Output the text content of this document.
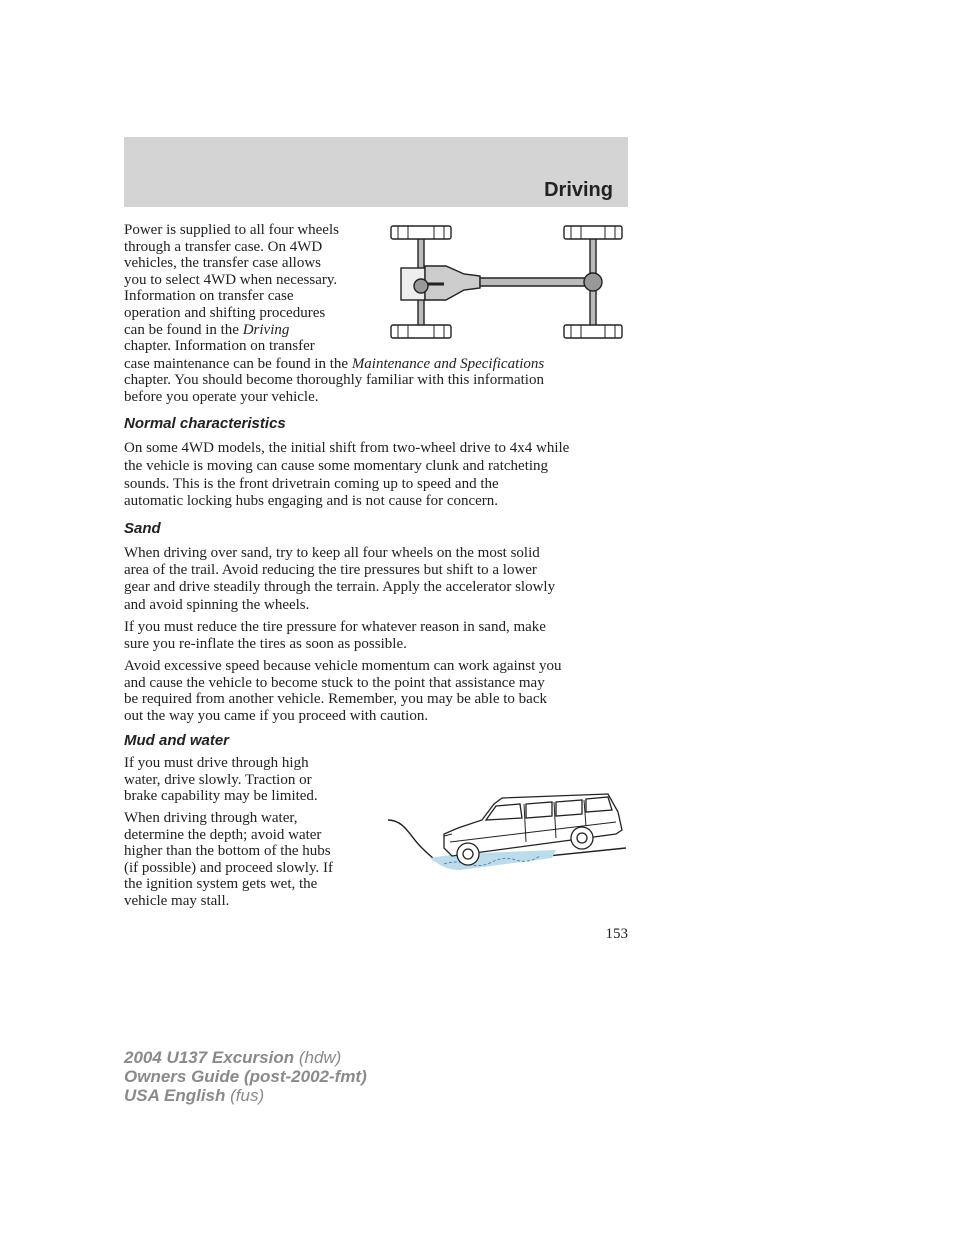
Driving
Power is supplied to all four wheels
through a transfer case. On 4WD
vehicles, the transfer case allows
you to select 4WD when necessary.
Information on transfer case
operation and shifting procedures
can be found in the Driving
chapter. Information on transfer
case maintenance can be found in the Maintenance and Specifications
chapter. You should become thoroughly familiar with this information
before you operate your vehicle.
Normal characteristics
On some 4WD models, the initial shift from two-wheel drive to 4x4 while
the vehicle is moving can cause some momentary clunk and ratcheting
sounds. This is the front drivetrain coming up to speed and the
automatic locking hubs engaging and is not cause for concern.
Sand
When driving over sand, try to keep all four wheels on the most solid
area of the trail. Avoid reducing the tire pressures but shift to a lower
gear and drive steadily through the terrain. Apply the accelerator slowly
and avoid spinning the wheels.
If you must reduce the tire pressure for whatever reason in sand, make
sure you re-inflate the tires as soon as possible.
Avoid excessive speed because vehicle momentum can work against you
and cause the vehicle to become stuck to the point that assistance may
be required from another vehicle. Remember, you may be able to back
out the way you came if you proceed with caution.
Mud and water
If you must drive through high
water, drive slowly. Traction or
brake capability may be limited.
When driving through water,
determine the depth; avoid water
higher than the bottom of the hubs
(if possible) and proceed slowly. If
the ignition system gets wet, the
vehicle may stall.
153
2004 U137 Excursion (hdw)
Owners Guide (post-2002-fmt)
USA English (fus)
